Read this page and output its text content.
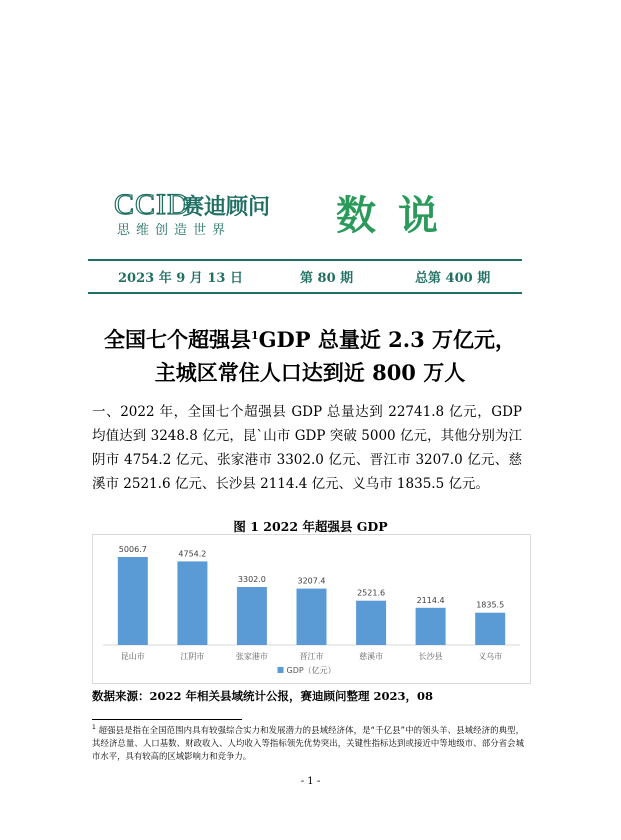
CCID
赛迪顾问
思维创造世界	数说
2023 年 9 月 13 日	第 80 期	总第 400 期
全国七个超强县$^1$GDP 总量近 2.3 万亿元，
主城区常住人口达到近 800 万人
一、2022 年，全国七个超强县 GDP 总量达到 22741.8 亿元，GDP 均值达到 3248.8 亿元，昆`山市 GDP 突破 5000 亿元，其他分别为江阴市 4754.2 亿元、张家港市 3302.0 亿元、晋江市 3207.0 亿元、慈溪市 2521.6 亿元、长沙县 2114.4 亿元、义乌市 1835.5 亿元。
图 1 2022 年超强县 GDP
5006.7
昆山市
4754.2
江阴市
3302.0
张家港市
3207.4
晋江市
2521.6
慈溪市
2114.4
长沙县
1835.5
义乌市
GDP（亿元）
数据来源：2022 年相关县域统计公报，赛迪顾问整理 2023，08
$^1$ 超强县是指在全国范围内具有较强综合实力和发展潜力的县域经济体，是“千亿县”中的领头羊、县域经济的典型，其经济总量、人口基数、财政收入、人均收入等指标领先优势突出，关键性指标达到或接近中等地级市、部分省会城市水平，具有较高的区域影响力和竞争力。
- 1 -
